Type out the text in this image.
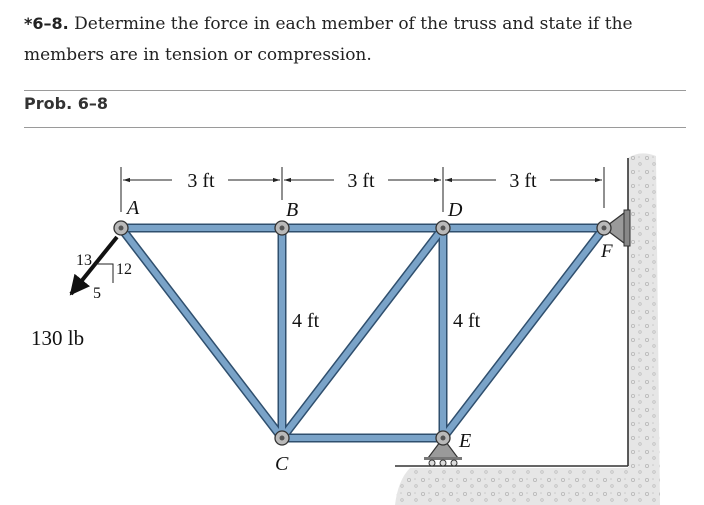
*6–8. Determine the force in each member of the truss and state if the members are in tension or compression.
Prob. 6–8
3 ft	3 ft	3 ft
4 ft	4 ft
A	B	D
F
C
E
13
12
5
130 lb
